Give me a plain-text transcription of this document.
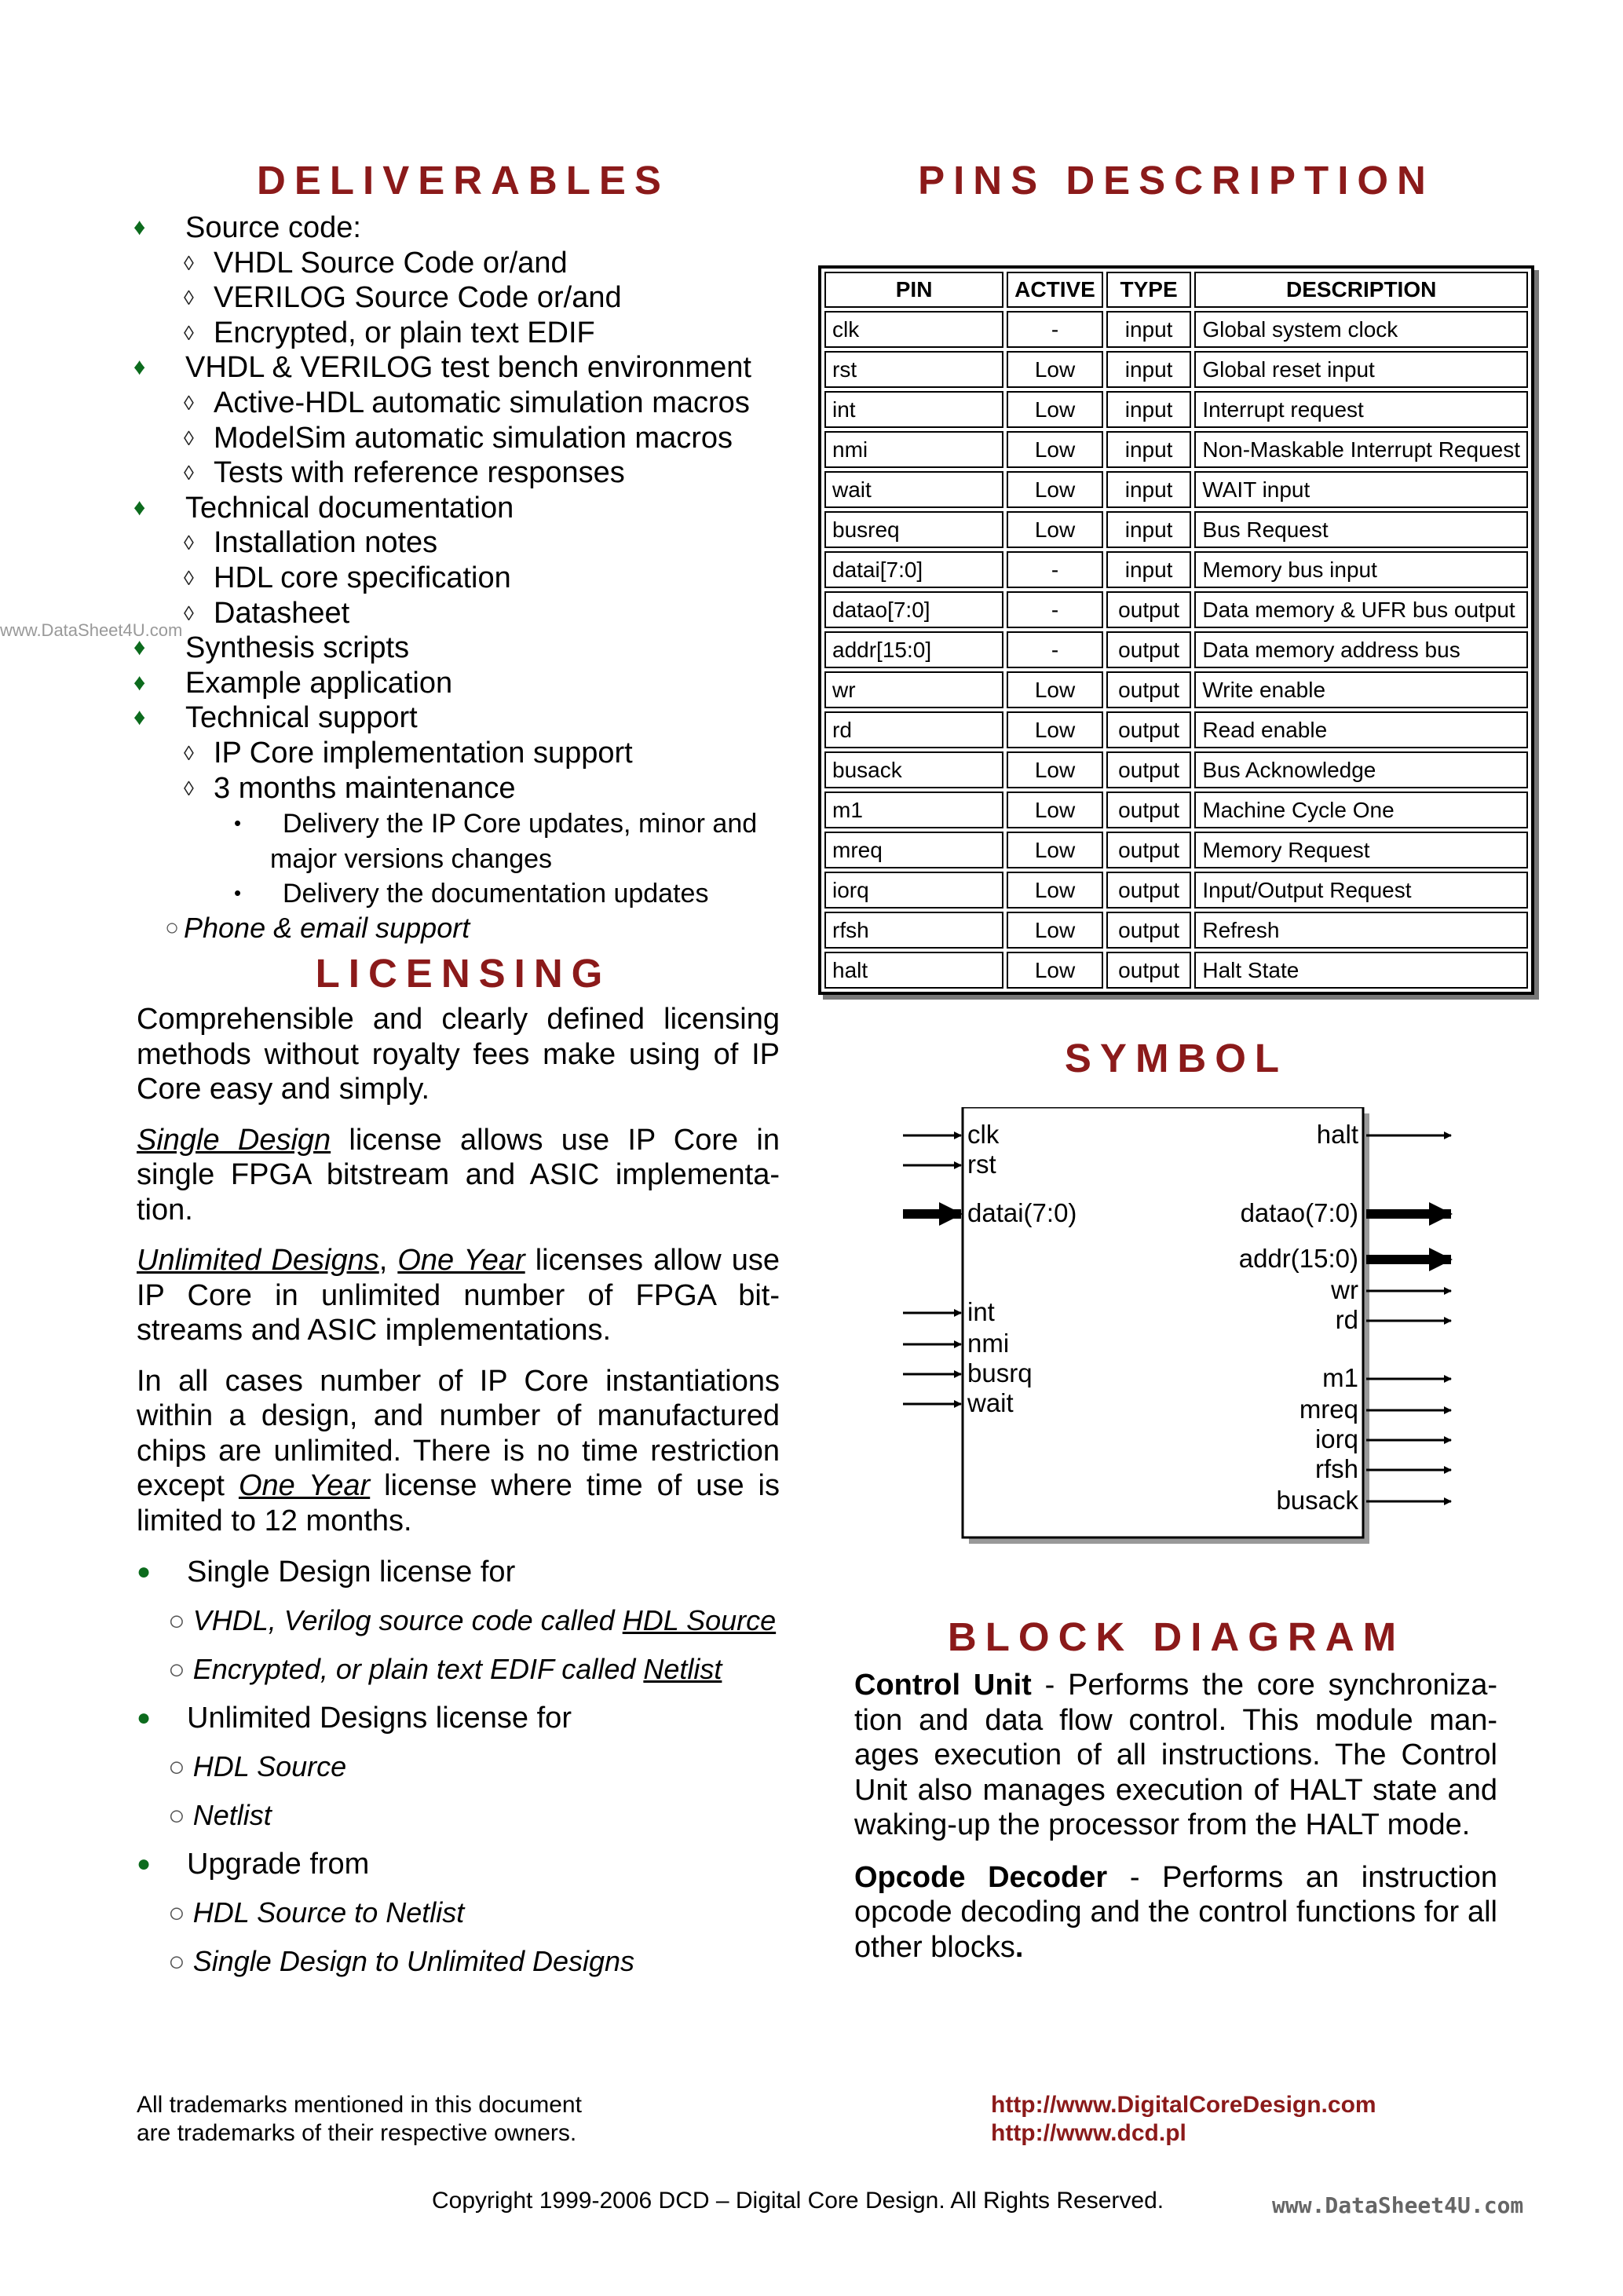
DELIVERABLES
♦ Source code:
◊ VHDL Source Code or/and
◊ VERILOG Source Code or/and
◊ Encrypted, or plain text EDIF
♦ VHDL & VERILOG test bench environment
◊ Active-HDL automatic simulation macros
◊ ModelSim automatic simulation macros
◊ Tests with reference responses
♦ Technical documentation
◊ Installation notes
◊ HDL core specification
◊ Datasheet
♦ Synthesis scripts
♦ Example application
♦ Technical support
◊ IP Core implementation support
◊ 3 months maintenance
• Delivery the IP Core updates, minor and
major versions changes
• Delivery the documentation updates
○ Phone & email support
www.DataSheet4U.com
LICENSING

Comprehensible and clearly defined licensing methods without royalty fees make using of IP Core easy and simply.

Single Design license allows use IP Core in single FPGA bitstream and ASIC implementa-tion.

Unlimited Designs, One Year licenses allow use IP Core in unlimited number of FPGA bit-streams and ASIC implementations.

In all cases number of IP Core instantiations within a design, and number of manufactured chips are unlimited. There is no time restriction except One Year license where time of use is limited to 12 months.

● Single Design license for
○ VHDL, Verilog source code called HDL Source
○ Encrypted, or plain text EDIF called Netlist
● Unlimited Designs license for
○ HDL Source
○ Netlist
● Upgrade from
○ HDL Source to Netlist
○ Single Design to Unlimited Designs
PINS DESCRIPTION
PIN	ACTIVE	TYPE	DESCRIPTION
clk	-	input	Global system clock
rst	Low	input	Global reset input
int	Low	input	Interrupt request
nmi	Low	input	Non-Maskable Interrupt Request
wait	Low	input	WAIT input
busreq	Low	input	Bus Request
datai[7:0]	-	input	Memory bus input
datao[7:0]	-	output	Data memory & UFR bus output
addr[15:0]	-	output	Data memory address bus
wr	Low	output	Write enable
rd	Low	output	Read enable
busack	Low	output	Bus Acknowledge
m1	Low	output	Machine Cycle One
mreq	Low	output	Memory Request
iorq	Low	output	Input/Output Request
rfsh	Low	output	Refresh
halt	Low	output	Halt State
SYMBOL
clk
rst
datai(7:0)
int
nmi
busrq
wait
halt
datao(7:0)
addr(15:0)
wr
rd
m1
mreq
iorq
rfsh
busack
BLOCK DIAGRAM

Control Unit - Performs the core synchroniza-tion and data flow control. This module man-ages execution of all instructions. The Control Unit also manages execution of HALT state and waking-up the processor from the HALT mode.

Opcode Decoder - Performs an instruction opcode decoding and the control functions for all other blocks.

All trademarks mentioned in this document
are trademarks of their respective owners.
http://www.DigitalCoreDesign.com
http://www.dcd.pl
Copyright 1999-2006 DCD – Digital Core Design. All Rights Reserved.	www.DataSheet4U.com
